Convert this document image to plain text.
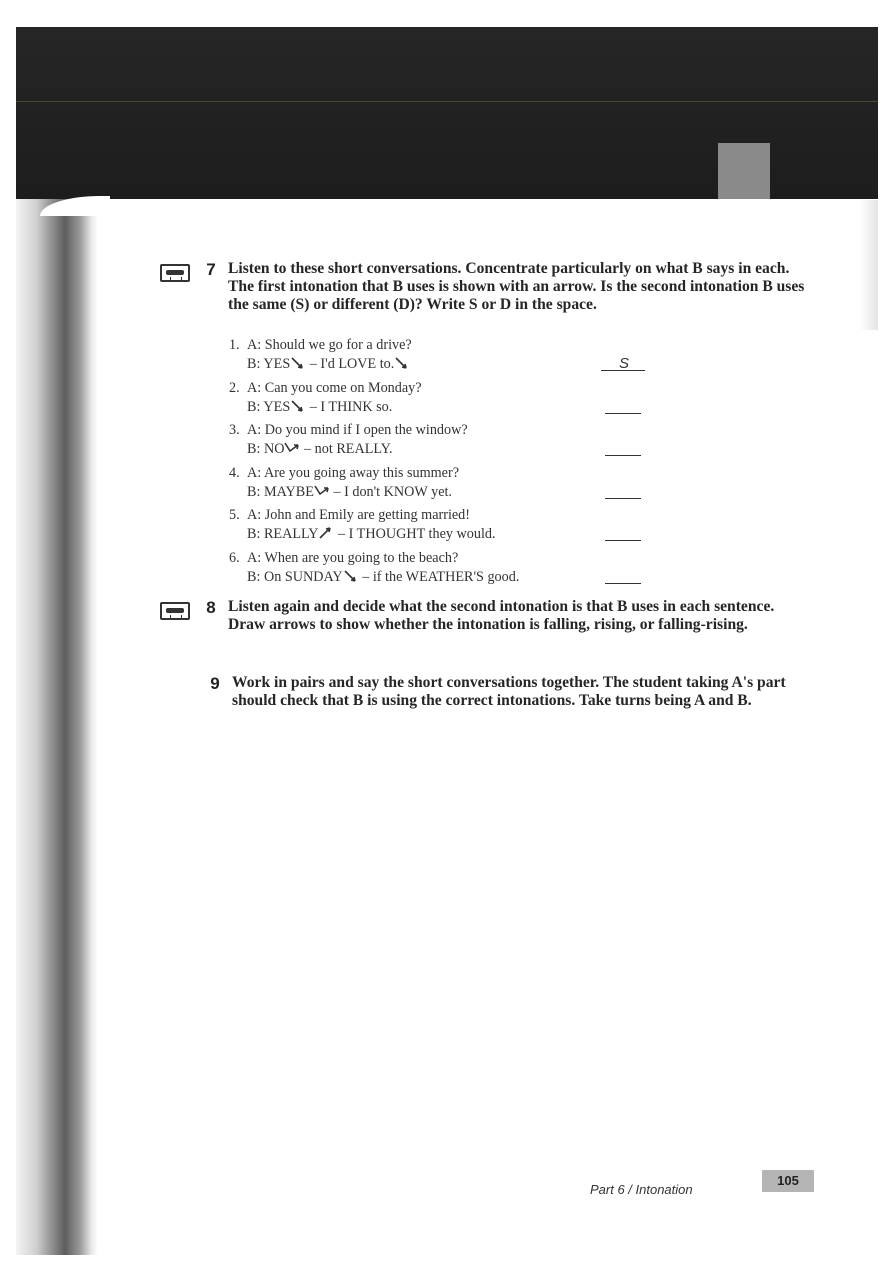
7 Listen to these short conversations. Concentrate particularly on what B says in each. The first intonation that B uses is shown with an arrow. Is the second intonation B uses the same (S) or different (D)? Write S or D in the space.
1. A: Should we go for a drive?
B: YES – I'd LOVE to.	S
2. A: Can you come on Monday?
B: YES – I THINK so.
3. A: Do you mind if I open the window?
B: NO – not REALLY.
4. A: Are you going away this summer?
B: MAYBE – I don't KNOW yet.
5. A: John and Emily are getting married!
B: REALLY – I THOUGHT they would.
6. A: When are you going to the beach?
B: On SUNDAY – if the WEATHER'S good.
8 Listen again and decide what the second intonation is that B uses in each sentence. Draw arrows to show whether the intonation is falling, rising, or falling-rising.
9 Work in pairs and say the short conversations together. The student taking A's part should check that B is using the correct intonations. Take turns being A and B.
Part 6 / Intonation
105
